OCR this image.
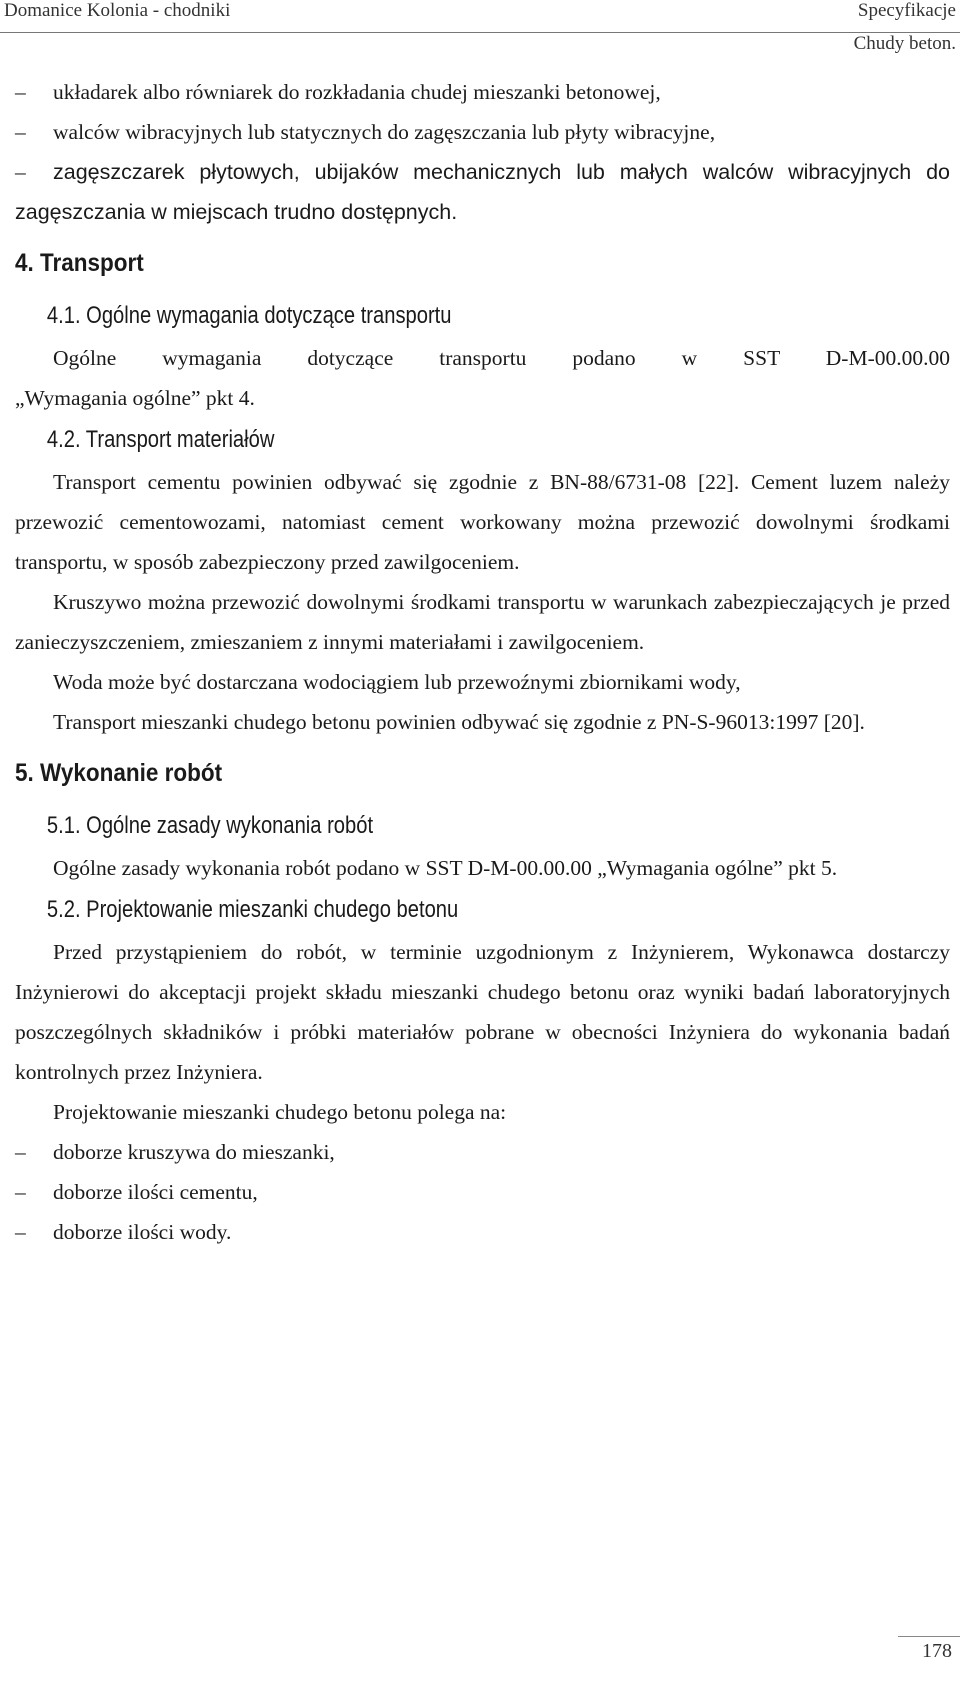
Domanice Kolonia - chodniki	Specyfikacje
Chudy beton.
–	układarek albo równiarek do rozkładania chudej mieszanki betonowej,
–	walców wibracyjnych lub statycznych do zagęszczania lub płyty wibracyjne,
–	zagęszczarek płytowych, ubijaków mechanicznych lub małych walców wibracyjnych do zagęszczania w miejscach trudno dostępnych.
4. Transport
4.1. Ogólne wymagania dotyczące transportu

Ogólne wymagania dotyczące transportu podano w SST D-M-00.00.00

„Wymagania ogólne” pkt 4.

4.2. Transport materiałów

Transport cementu powinien odbywać się zgodnie z BN-88/6731-08 [22]. Cement luzem należy przewozić cementowozami, natomiast cement workowany można przewozić dowolnymi środkami transportu, w sposób zabezpieczony przed zawilgoceniem.

Kruszywo można przewozić dowolnymi środkami transportu w warunkach zabezpieczających je przed zanieczyszczeniem, zmieszaniem z innymi materiałami i zawilgoceniem.

Woda może być dostarczana wodociągiem lub przewoźnymi zbiornikami wody,

Transport mieszanki chudego betonu powinien odbywać się zgodnie z PN-S-96013:1997 [20].

5. Wykonanie robót
5.1. Ogólne zasady wykonania robót

Ogólne zasady wykonania robót podano w SST D-M-00.00.00 „Wymagania ogólne” pkt 5.

5.2. Projektowanie mieszanki chudego betonu

Przed przystąpieniem do robót, w terminie uzgodnionym z Inżynierem, Wykonawca dostarczy Inżynierowi do akceptacji projekt składu mieszanki chudego betonu oraz wyniki badań laboratoryjnych poszczególnych składników i próbki materiałów pobrane w obecności Inżyniera do wykonania badań kontrolnych przez Inżyniera.

Projektowanie mieszanki chudego betonu polega na:

–	doborze kruszywa do mieszanki,
–	doborze ilości cementu,
–	doborze ilości wody.
178
